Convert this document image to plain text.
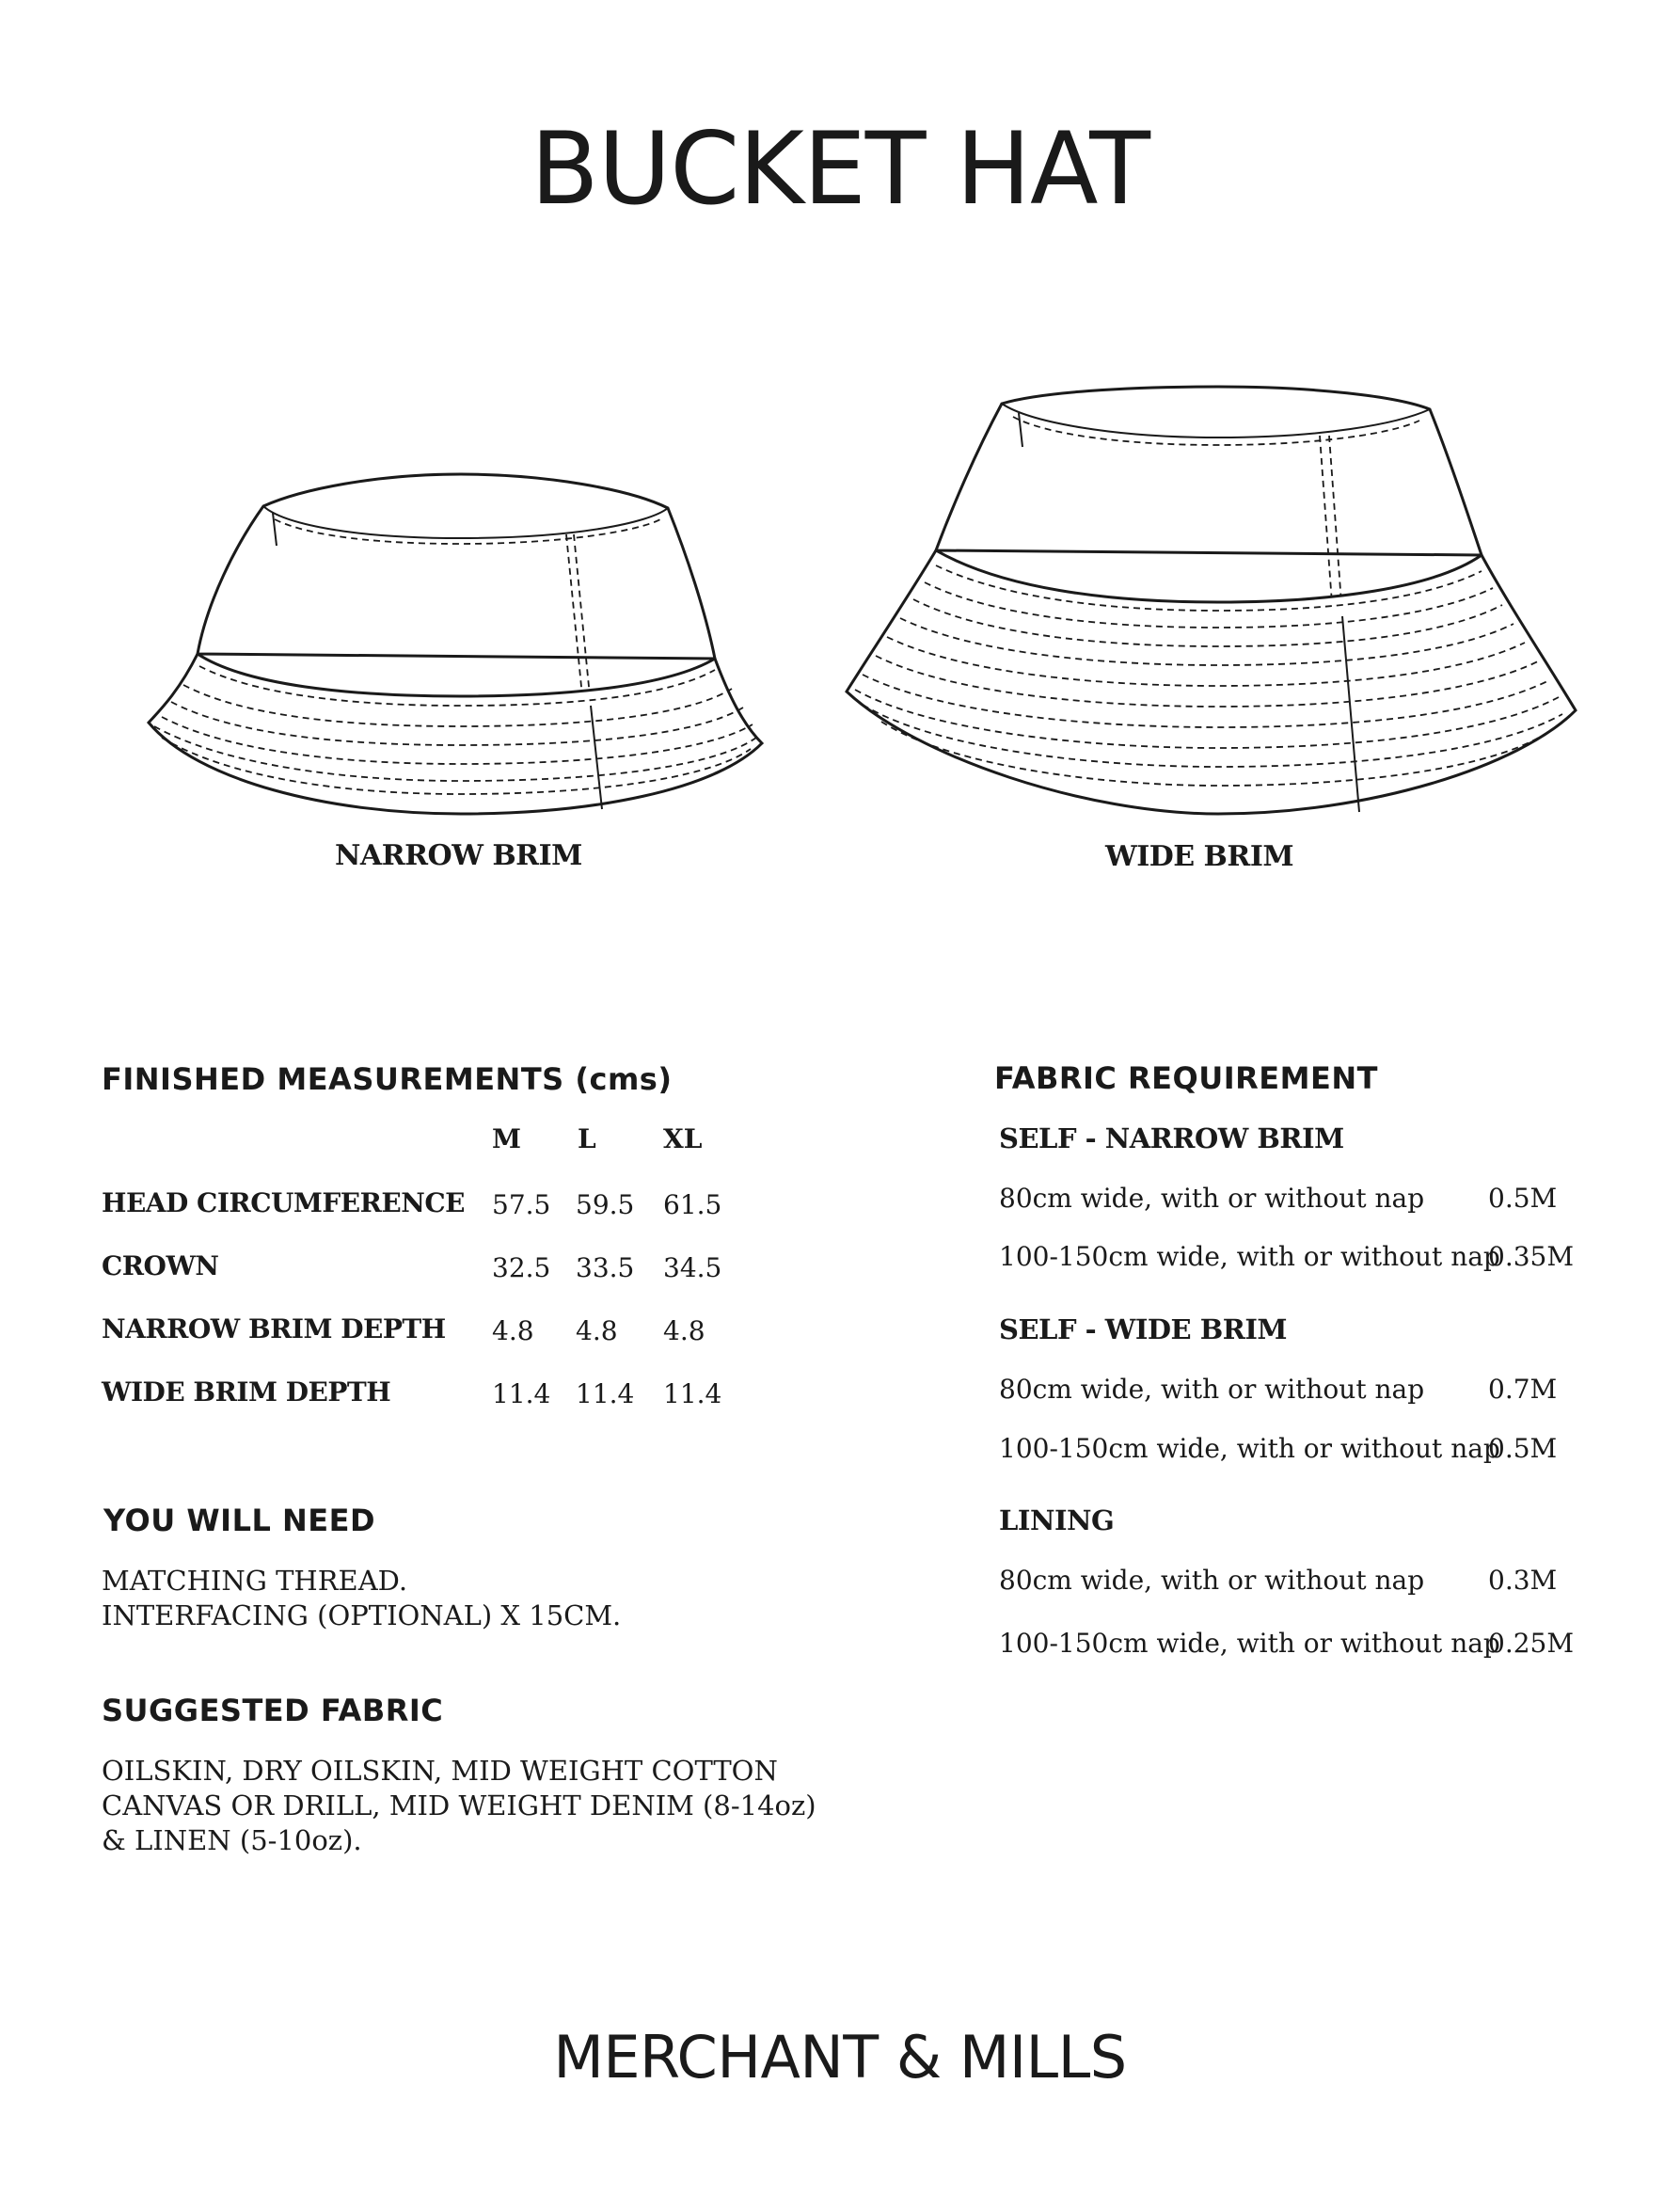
BUCKET HAT
NARROW BRIM	WIDE BRIM
FINISHED MEASUREMENTS (cms)
M L	XL
HEAD CIRCUMFERENCE 57.5 59.5 61.5
CROWN	32.5 33.5 34.5
NARROW BRIM DEPTH 4.8 4.8 4.8
WIDE BRIM DEPTH	11.4 11.4 11.4
YOU WILL NEED
MATCHING THREAD.
INTERFACING (OPTIONAL) X 15CM.
SUGGESTED FABRIC
OILSKIN, DRY OILSKIN, MID WEIGHT COTTON
CANVAS OR DRILL, MID WEIGHT DENIM (8-14oz)
& LINEN (5-10oz).
FABRIC REQUIREMENT
SELF - NARROW BRIM
80cm wide, with or without nap 0.5M
100-150cm wide, with or without nap
0.35M
SELF - WIDE BRIM
80cm wide, with or without nap 0.7M
100-150cm wide, with or without nap
0.5M
LINING
80cm wide, with or without nap 0.3M
100-150cm wide, with or without nap
0.25M
MERCHANT & MILLS
